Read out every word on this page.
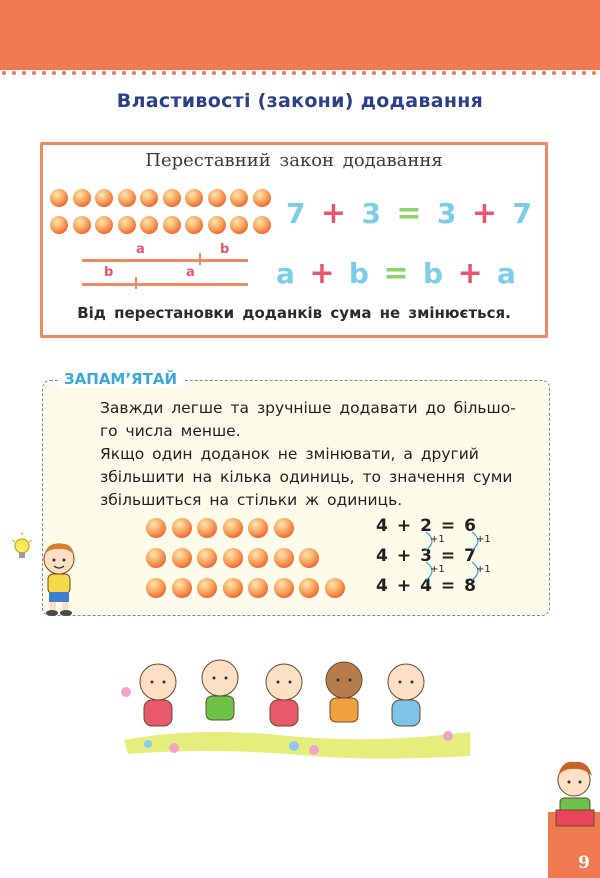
Властивості (закони) додавання
Переставний закон додавання
7 + 3 = 3 + 7
a	b
b	a	a + b = b + a
Від перестановки доданків сума не змінюється.
ЗАПАМ’ЯТАЙ
Завжди легше та зручніше додавати до більшо-
го числа менше.
Якщо один доданок не змінювати, а другий
збільшити на кілька одиниць, то значення суми
збільшиться на стільки ж одиниць.
4 + 2 = 6
4 + 3 = 7
4 + 4 = 8
+1	+1
+1	+1
9
